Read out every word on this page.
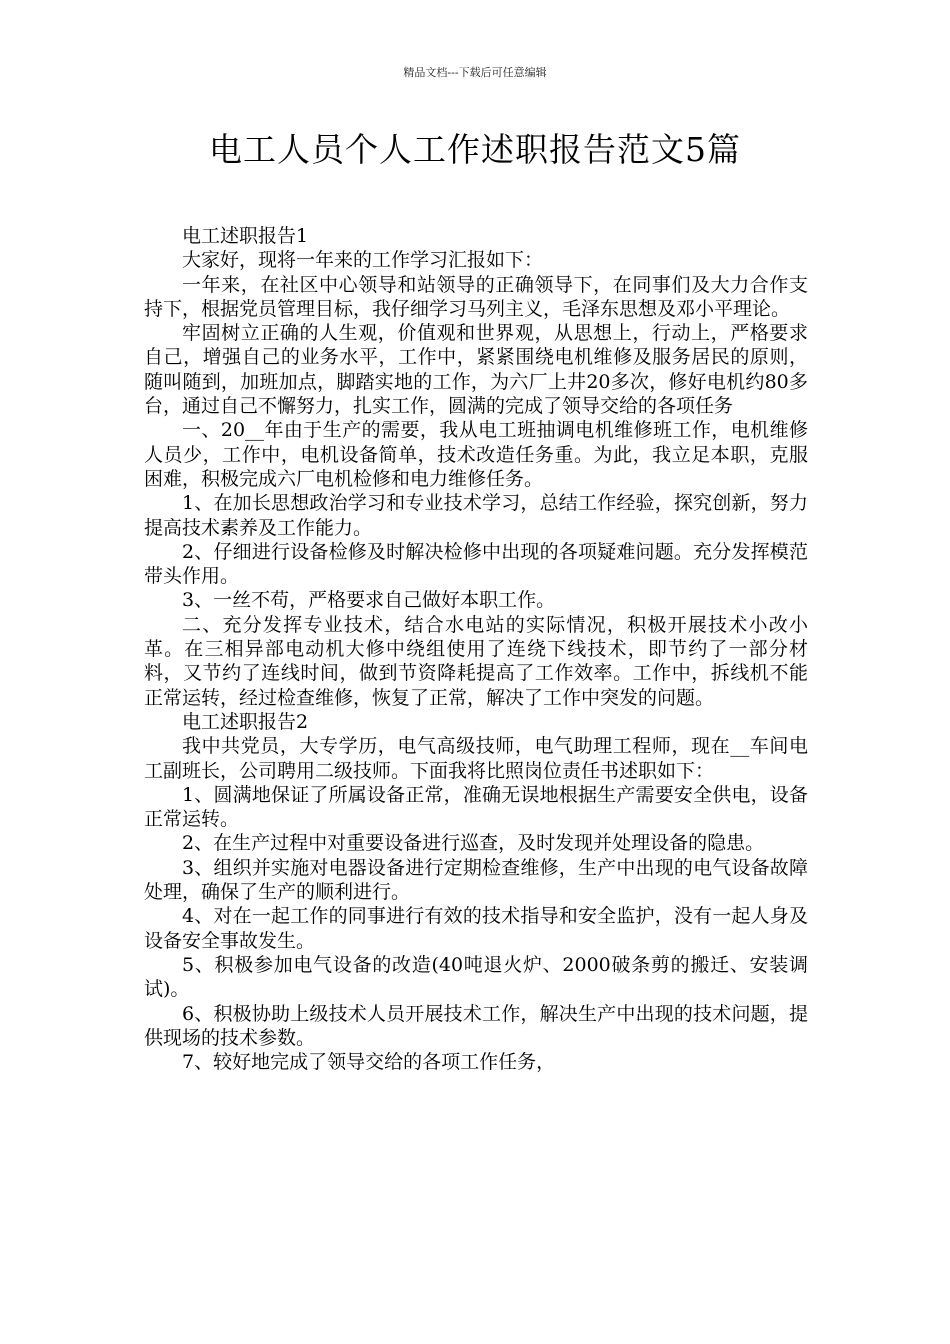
精品文档---下载后可任意编辑
电工人员个人工作述职报告范文5篇

电工述职报告1

大家好，现将一年来的工作学习汇报如下：

一年来，在社区中心领导和站领导的正确领导下，在同事们及大力合作支持下，根据党员管理目标，我仔细学习马列主义，毛泽东思想及邓小平理论。

牢固树立正确的人生观，价值观和世界观，从思想上，行动上，严格要求自己，增强自己的业务水平，工作中，紧紧围绕电机维修及服务居民的原则，随叫随到，加班加点，脚踏实地的工作，为六厂上井20多次，修好电机约80多台，通过自己不懈努力，扎实工作，圆满的完成了领导交给的各项任务

一、20__年由于生产的需要，我从电工班抽调电机维修班工作，电机维修人员少，工作中，电机设备简单，技术改造任务重。为此，我立足本职，克服困难，积极完成六厂电机检修和电力维修任务。

1、在加长思想政治学习和专业技术学习，总结工作经验，探究创新，努力提高技术素养及工作能力。

2、仔细进行设备检修及时解决检修中出现的各项疑难问题。充分发挥模范带头作用。

3、一丝不苟，严格要求自己做好本职工作。

二、充分发挥专业技术，结合水电站的实际情况，积极开展技术小改小革。在三相异部电动机大修中绕组使用了连绕下线技术，即节约了一部分材料，又节约了连线时间，做到节资降耗提高了工作效率。工作中，拆线机不能正常运转，经过检查维修，恢复了正常，解决了工作中突发的问题。

电工述职报告2

我中共党员，大专学历，电气高级技师，电气助理工程师，现在__车间电工副班长，公司聘用二级技师。下面我将比照岗位责任书述职如下：

1、圆满地保证了所属设备正常，准确无误地根据生产需要安全供电，设备正常运转。

2、在生产过程中对重要设备进行巡查，及时发现并处理设备的隐患。

3、组织并实施对电器设备进行定期检查维修，生产中出现的电气设备故障处理，确保了生产的顺利进行。

4、对在一起工作的同事进行有效的技术指导和安全监护，没有一起人身及设备安全事故发生。

5、积极参加电气设备的改造(40吨退火炉、2000破条剪的搬迁、安装调试)。

6、积极协助上级技术人员开展技术工作，解决生产中出现的技术问题，提供现场的技术参数。

7、较好地完成了领导交给的各项工作任务，
